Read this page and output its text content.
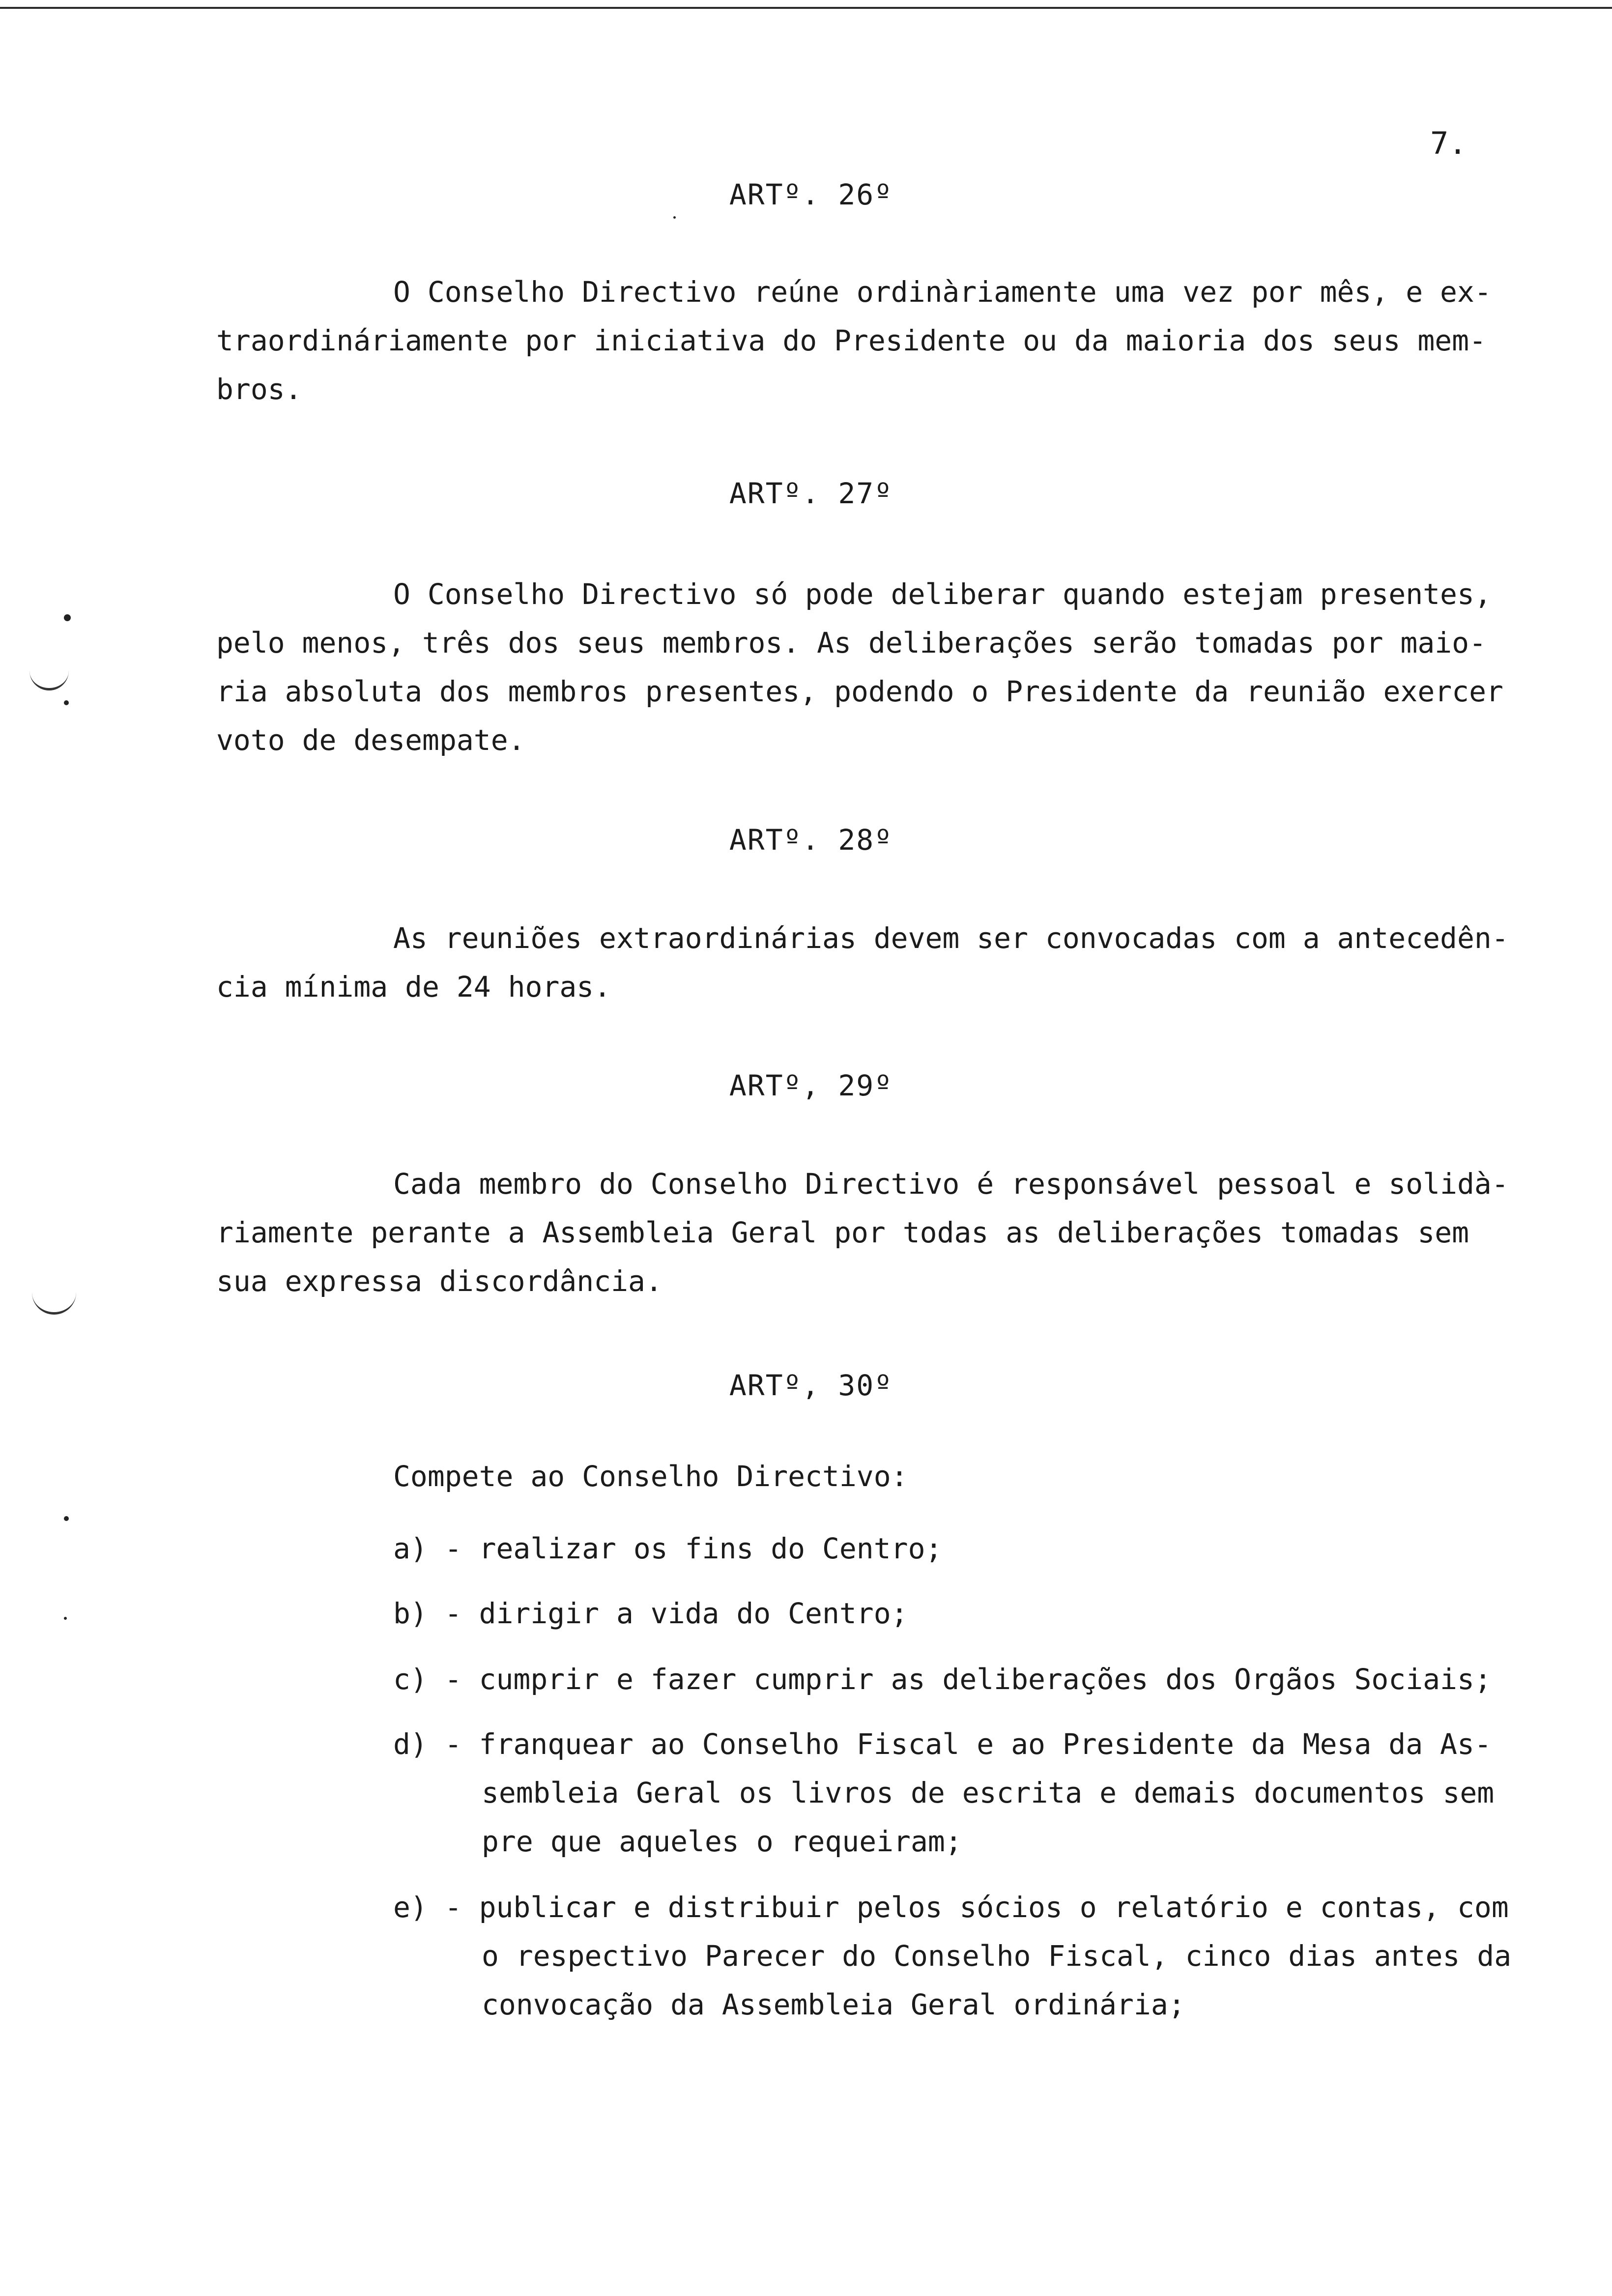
7.
ARTº. 26º
O Conselho Directivo reúne ordinàriamente uma vez por mês, e ex-
traordináriamente por iniciativa do Presidente ou da maioria dos seus mem-
bros.
ARTº. 27º
O Conselho Directivo só pode deliberar quando estejam presentes,
pelo menos, três dos seus membros. As deliberações serão tomadas por maio-
ria absoluta dos membros presentes, podendo o Presidente da reunião exercer
voto de desempate.
ARTº. 28º
As reuniões extraordinárias devem ser convocadas com a antecedên-
cia mínima de 24 horas.
ARTº, 29º
Cada membro do Conselho Directivo é responsável pessoal e solidà-
riamente perante a Assembleia Geral por todas as deliberações tomadas sem
sua expressa discordância.
ARTº, 30º
Compete ao Conselho Directivo:
a) - realizar os fins do Centro;
b) - dirigir a vida do Centro;
c) - cumprir e fazer cumprir as deliberações dos Orgãos Sociais;
d) - franquear ao Conselho Fiscal e ao Presidente da Mesa da As-
sembleia Geral os livros de escrita e demais documentos sem
pre que aqueles o requeiram;
e) - publicar e distribuir pelos sócios o relatório e contas, com
o respectivo Parecer do Conselho Fiscal, cinco dias antes da
convocação da Assembleia Geral ordinária;
